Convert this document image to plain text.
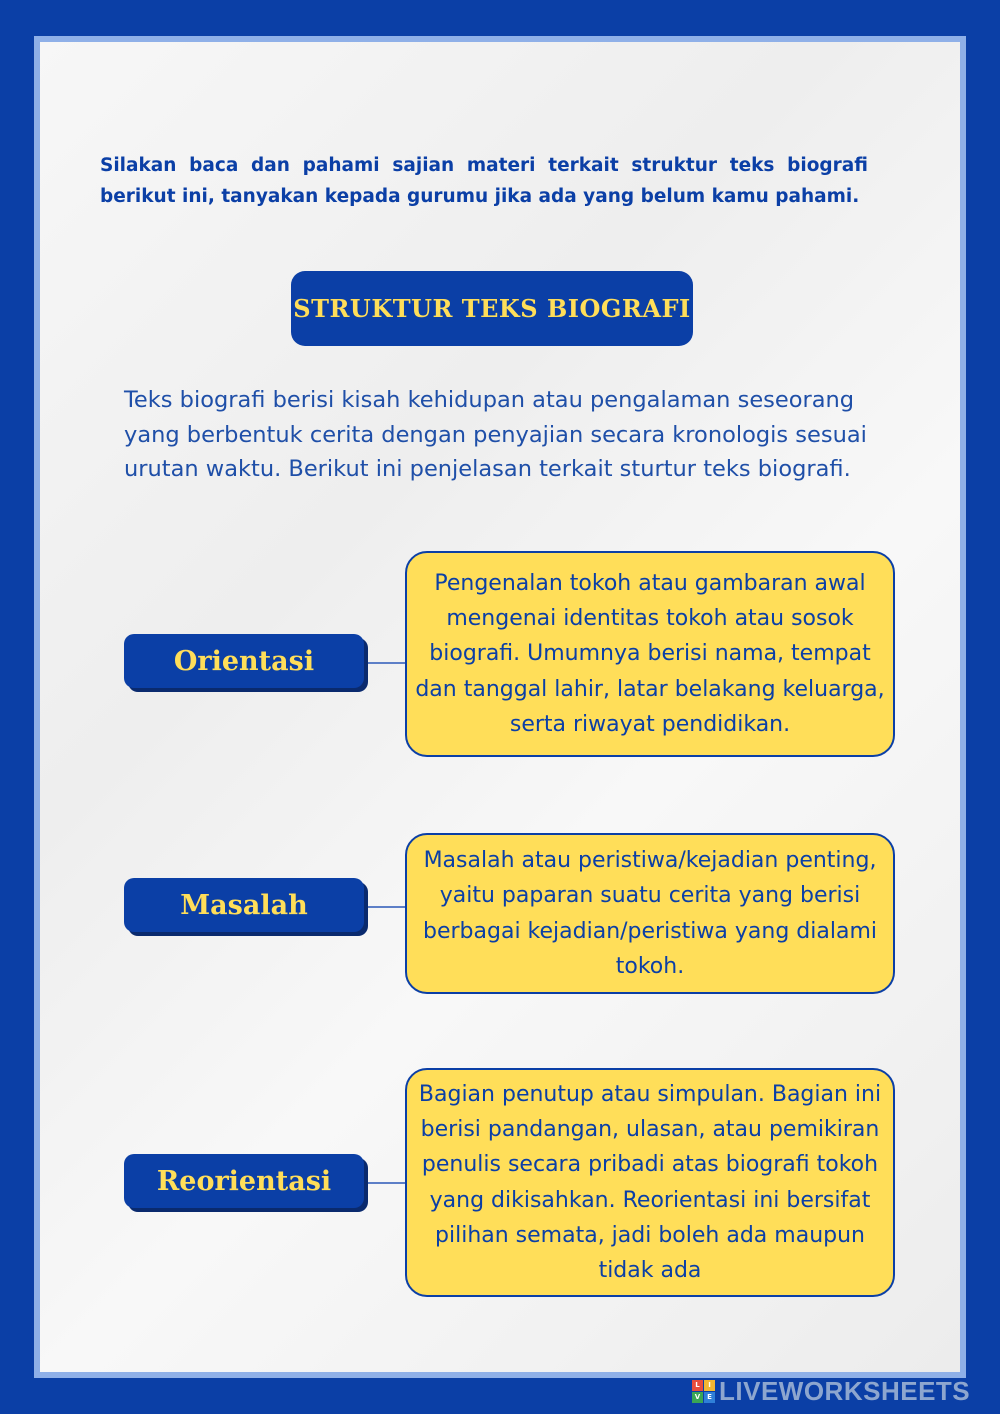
Silakan baca dan pahami sajian materi terkait struktur teks biografi berikut ini, tanyakan kepada gurumu jika ada yang belum kamu pahami.

STRUKTUR TEKS BIOGRAFI

Teks biografi berisi kisah kehidupan atau pengalaman seseorang yang berbentuk cerita dengan penyajian secara kronologis sesuai urutan waktu. Berikut ini penjelasan terkait sturtur teks biografi.

Orientasi

Pengenalan tokoh atau gambaran awal mengenai identitas tokoh atau sosok biografi. Umumnya berisi nama, tempat dan tanggal lahir, latar belakang keluarga, serta riwayat pendidikan.

Masalah

Masalah atau peristiwa/kejadian penting, yaitu paparan suatu cerita yang berisi berbagai kejadian/peristiwa yang dialami tokoh.

Reorientasi

Bagian penutup atau simpulan. Bagian ini berisi pandangan, ulasan, atau pemikiran penulis secara pribadi atas biografi tokoh yang dikisahkan. Reorientasi ini bersifat pilihan semata, jadi boleh ada maupun tidak ada

L	I
V E LIVEWORKSHEETS
